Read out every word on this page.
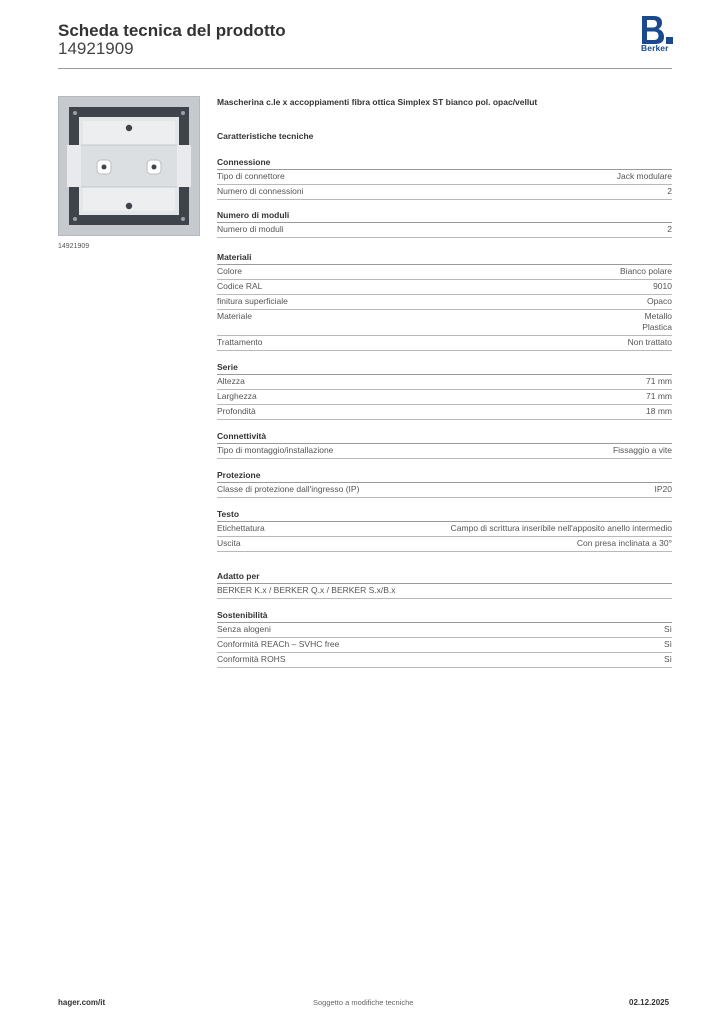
Scheda tecnica del prodotto
14921909	Berker
14921909
Mascherina c.le x accoppiamenti fibra ottica Simplex ST bianco pol. opac/vellut
Caratteristiche tecniche
Connessione
Tipo di connettore	Jack modulare
Numero di connessioni	2
Numero di moduli
Numero di moduli	2
Materiali
Colore	Bianco polare
Codice RAL	9010
finitura superficiale	Opaco
Materiale	Metallo
Plastica
Trattamento	Non trattato
Serie
Altezza	71 mm
Larghezza	71 mm
Profondità	18 mm
Connettività
Tipo di montaggio/installazione	Fissaggio a vite
Protezione
Classe di protezione dall'ingresso (IP)	IP20
Testo
Etichettatura	Campo di scrittura inseribile nell'apposito anello intermedio
Uscita	Con presa inclinata a 30°
Adatto per
BERKER K.x / BERKER Q.x / BERKER S.x/B.x
Sostenibilità
Senza alogeni	Sì
Conformità REACh – SVHC free	Sì
Conformità ROHS	Sì
hager.com/it	Soggetto a modifiche tecniche	02.12.2025
